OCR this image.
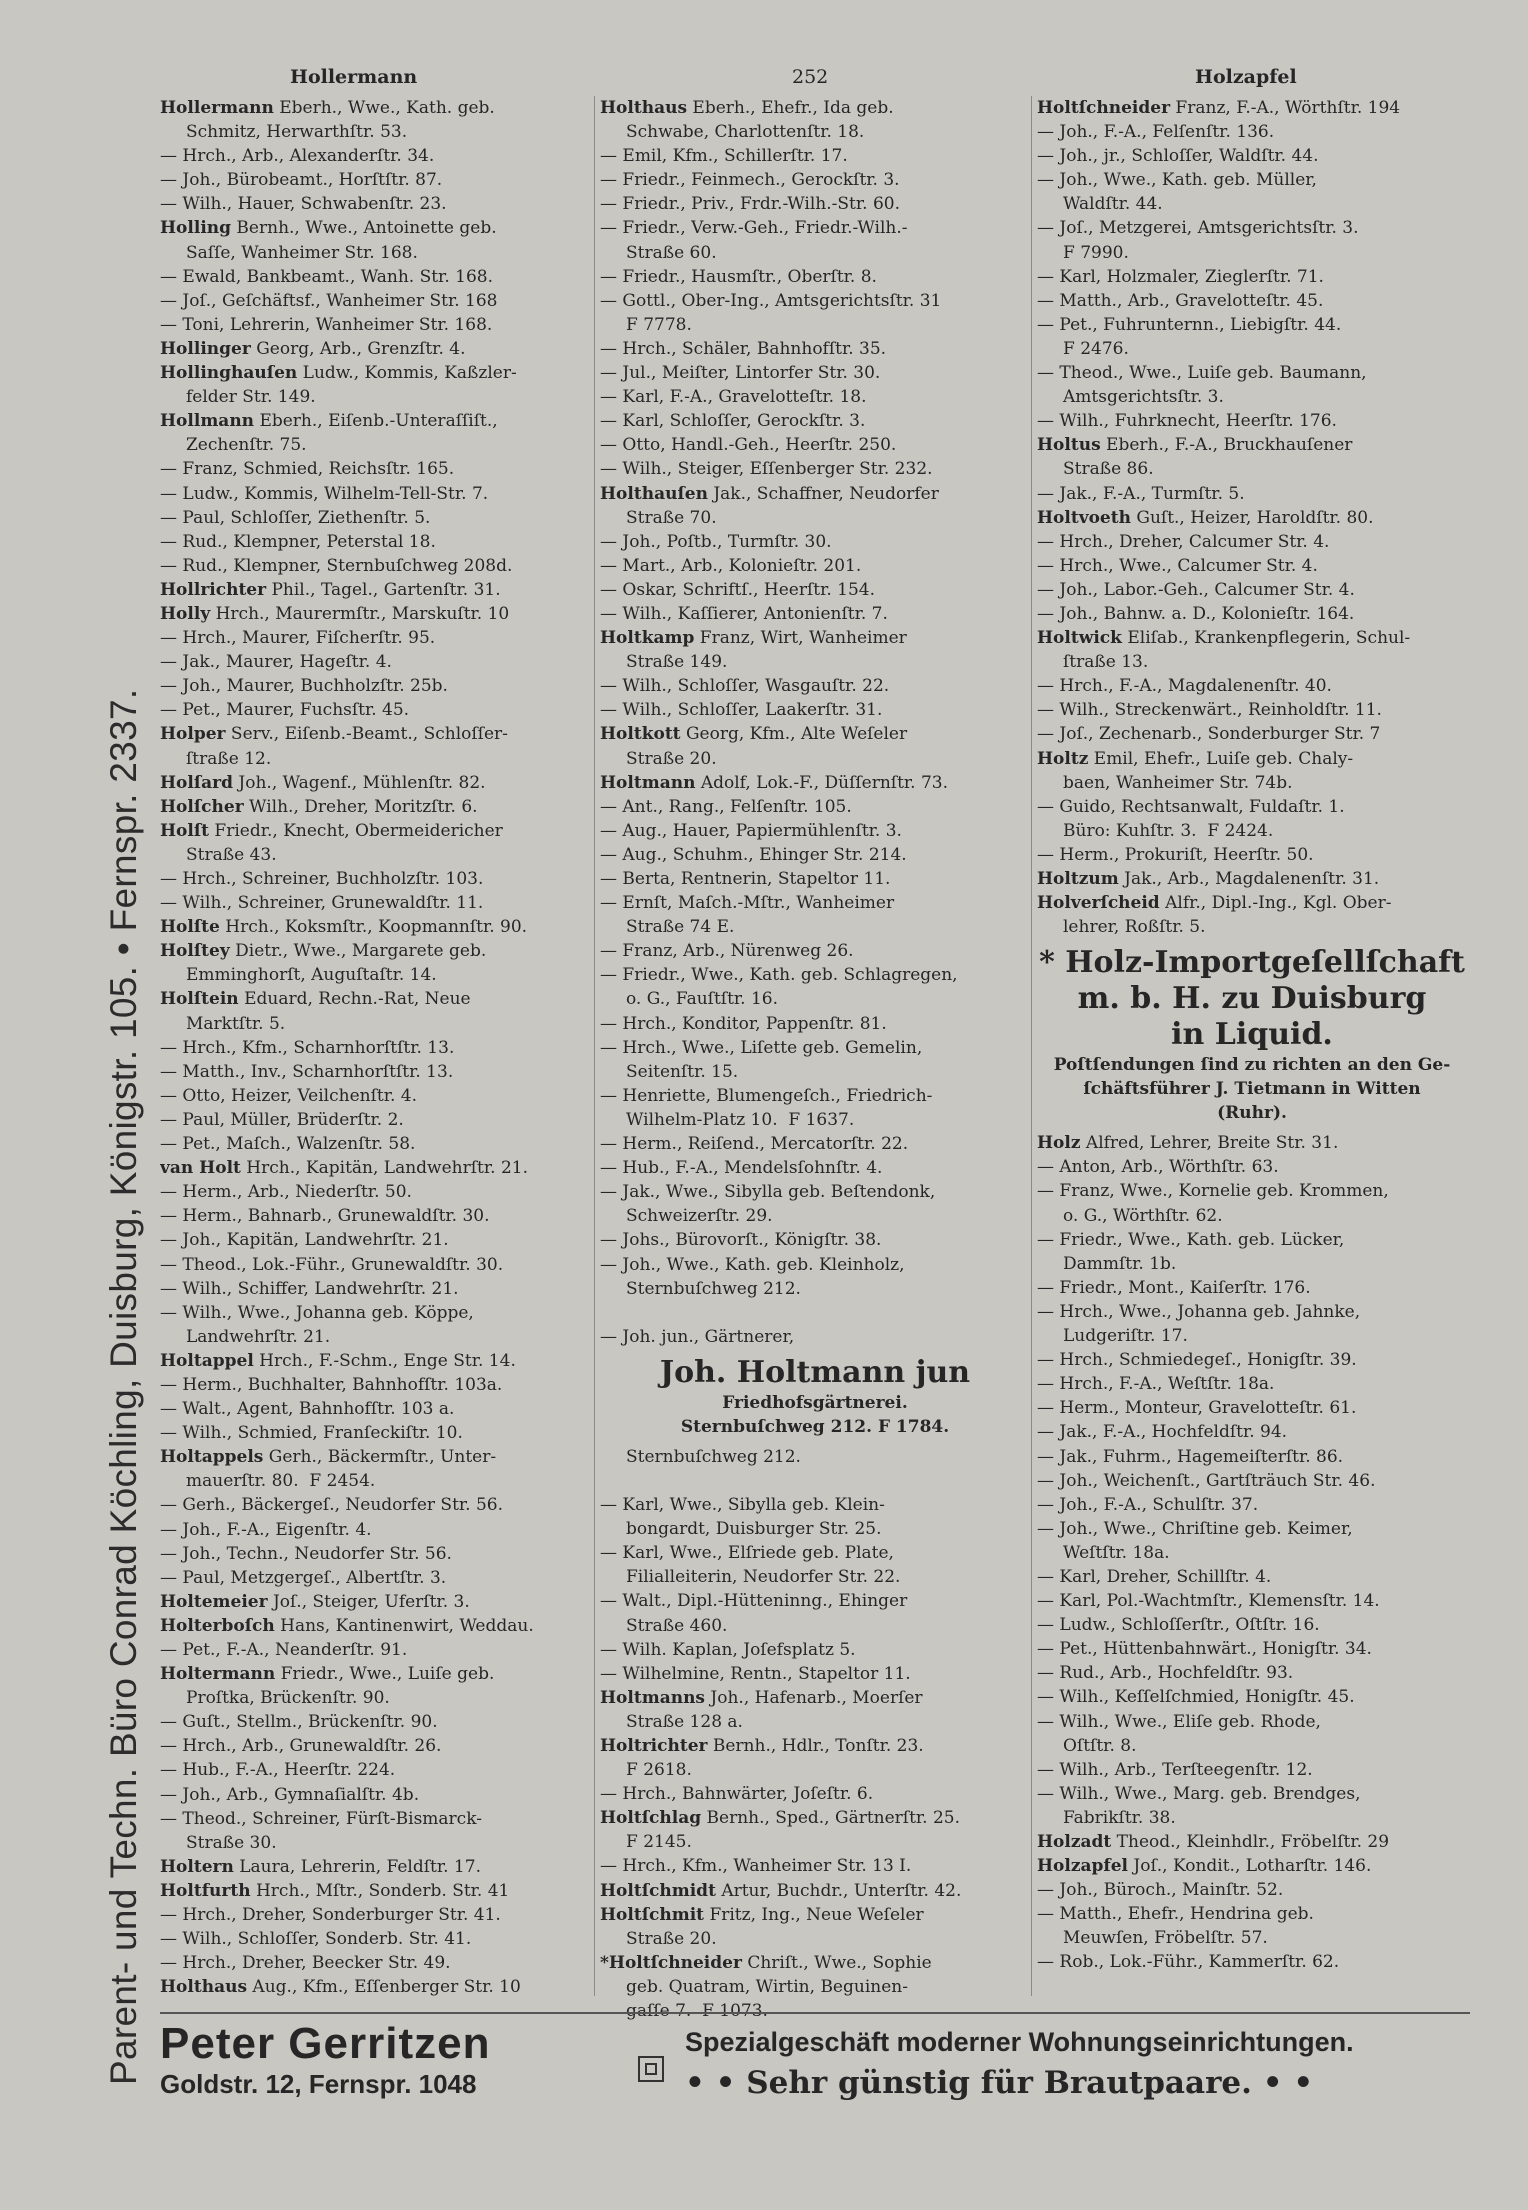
Hollermann	252	Holzapfel
Parent- und Techn. Büro Conrad Köchling, Duisburg, Königstr. 105. • Fernspr. 2337.
Hollermann Eberh., Wwe., Kath. geb.
Schmitz, Herwarthſtr. 53.
— Hrch., Arb., Alexanderſtr. 34.
— Joh., Bürobeamt., Horſtſtr. 87.
— Wilh., Hauer, Schwabenſtr. 23.
Holling Bernh., Wwe., Antoinette geb.
Saſſe, Wanheimer Str. 168.
— Ewald, Bankbeamt., Wanh. Str. 168.
— Joſ., Geſchäftsf., Wanheimer Str. 168
— Toni, Lehrerin, Wanheimer Str. 168.
Hollinger Georg, Arb., Grenzſtr. 4.
Hollinghauſen Ludw., Kommis, Kaßzler-
felder Str. 149.
Hollmann Eberh., Eiſenb.-Unteraſſiſt.,
Zechenſtr. 75.
— Franz, Schmied, Reichsſtr. 165.
— Ludw., Kommis, Wilhelm-Tell-Str. 7.
— Paul, Schloſſer, Ziethenſtr. 5.
— Rud., Klempner, Peterstal 18.
— Rud., Klempner, Sternbuſchweg 208d.
Hollrichter Phil., Tagel., Gartenſtr. 31.
Holly Hrch., Maurermſtr., Marskuſtr. 10
— Hrch., Maurer, Fiſcherſtr. 95.
— Jak., Maurer, Hageſtr. 4.
— Joh., Maurer, Buchholzſtr. 25b.
— Pet., Maurer, Fuchsſtr. 45.
Holper Serv., Eiſenb.-Beamt., Schloſſer-
ſtraße 12.
Holſard Joh., Wagenf., Mühlenſtr. 82.
Holſcher Wilh., Dreher, Moritzſtr. 6.
Holſt Friedr., Knecht, Obermeidericher
Straße 43.
— Hrch., Schreiner, Buchholzſtr. 103.
— Wilh., Schreiner, Grunewaldſtr. 11.
Holſte Hrch., Koksmſtr., Koopmannſtr. 90.
Holſtey Dietr., Wwe., Margarete geb.
Emminghorſt, Auguſtaſtr. 14.
Holſtein Eduard, Rechn.-Rat, Neue
Marktſtr. 5.
— Hrch., Kfm., Scharnhorſtſtr. 13.
— Matth., Inv., Scharnhorſtſtr. 13.
— Otto, Heizer, Veilchenſtr. 4.
— Paul, Müller, Brüderſtr. 2.
— Pet., Maſch., Walzenſtr. 58.
van Holt Hrch., Kapitän, Landwehrſtr. 21.
— Herm., Arb., Niederſtr. 50.
— Herm., Bahnarb., Grunewaldſtr. 30.
— Joh., Kapitän, Landwehrſtr. 21.
— Theod., Lok.-Führ., Grunewaldſtr. 30.
— Wilh., Schiffer, Landwehrſtr. 21.
— Wilh., Wwe., Johanna geb. Köppe,
Landwehrſtr. 21.
Holtappel Hrch., F.-Schm., Enge Str. 14.
— Herm., Buchhalter, Bahnhofſtr. 103a.
— Walt., Agent, Bahnhofſtr. 103 a.
— Wilh., Schmied, Franſeckiſtr. 10.
Holtappels Gerh., Bäckermſtr., Unter-
mauerſtr. 80.  F 2454.
— Gerh., Bäckergeſ., Neudorfer Str. 56.
— Joh., F.-A., Eigenſtr. 4.
— Joh., Techn., Neudorfer Str. 56.
— Paul, Metzgergeſ., Albertſtr. 3.
Holtemeier Joſ., Steiger, Uferſtr. 3.
Holterboſch Hans, Kantinenwirt, Weddau.
— Pet., F.-A., Neanderſtr. 91.
Holtermann Friedr., Wwe., Luiſe geb.
Proſtka, Brückenſtr. 90.
— Guſt., Stellm., Brückenſtr. 90.
— Hrch., Arb., Grunewaldſtr. 26.
— Hub., F.-A., Heerſtr. 224.
— Joh., Arb., Gymnaſialſtr. 4b.
— Theod., Schreiner, Fürſt-Bismarck-
Straße 30.
Holtern Laura, Lehrerin, Feldſtr. 17.
Holtfurth Hrch., Mſtr., Sonderb. Str. 41
— Hrch., Dreher, Sonderburger Str. 41.
— Wilh., Schloſſer, Sonderb. Str. 41.
— Hrch., Dreher, Beecker Str. 49.
Holthaus Aug., Kfm., Eſſenberger Str. 10
Holthaus Eberh., Ehefr., Ida geb.
Schwabe, Charlottenſtr. 18.
— Emil, Kfm., Schillerſtr. 17.
— Friedr., Feinmech., Gerockſtr. 3.
— Friedr., Priv., Frdr.-Wilh.-Str. 60.
— Friedr., Verw.-Geh., Friedr.-Wilh.-
Straße 60.
— Friedr., Hausmſtr., Oberſtr. 8.
— Gottl., Ober-Ing., Amtsgerichtsſtr. 31
F 7778.
— Hrch., Schäler, Bahnhofſtr. 35.
— Jul., Meiſter, Lintorfer Str. 30.
— Karl, F.-A., Gravelotteſtr. 18.
— Karl, Schloſſer, Gerockſtr. 3.
— Otto, Handl.-Geh., Heerſtr. 250.
— Wilh., Steiger, Eſſenberger Str. 232.
Holthauſen Jak., Schaffner, Neudorfer
Straße 70.
— Joh., Poſtb., Turmſtr. 30.
— Mart., Arb., Kolonieſtr. 201.
— Oskar, Schriftſ., Heerſtr. 154.
— Wilh., Kaſſierer, Antonienſtr. 7.
Holtkamp Franz, Wirt, Wanheimer
Straße 149.
— Wilh., Schloſſer, Wasgauſtr. 22.
— Wilh., Schloſſer, Laakerſtr. 31.
Holtkott Georg, Kfm., Alte Weſeler
Straße 20.
Holtmann Adolf, Lok.-F., Düſſernſtr. 73.
— Ant., Rang., Felſenſtr. 105.
— Aug., Hauer, Papiermühlenſtr. 3.
— Aug., Schuhm., Ehinger Str. 214.
— Berta, Rentnerin, Stapeltor 11.
— Ernſt, Maſch.-Mſtr., Wanheimer
Straße 74 E.
— Franz, Arb., Nürenweg 26.
— Friedr., Wwe., Kath. geb. Schlagregen,
o. G., Fauſtſtr. 16.
— Hrch., Konditor, Pappenſtr. 81.
— Hrch., Wwe., Liſette geb. Gemelin,
Seitenſtr. 15.
— Henriette, Blumengeſch., Friedrich-
Wilhelm-Platz 10.  F 1637.
— Herm., Reiſend., Mercatorſtr. 22.
— Hub., F.-A., Mendelsſohnſtr. 4.
— Jak., Wwe., Sibylla geb. Beſtendonk,
Schweizerſtr. 29.
— Johs., Bürovorſt., Königſtr. 38.
— Joh., Wwe., Kath. geb. Kleinholz,
Sternbuſchweg 212.

— Joh. jun., Gärtnerer,
Joh. Holtmann jun
Friedhofsgärtnerei.
Sternbuſchweg 212. F 1784.
Sternbuſchweg 212.

— Karl, Wwe., Sibylla geb. Klein-
bongardt, Duisburger Str. 25.
— Karl, Wwe., Elſriede geb. Plate,
Filialleiterin, Neudorfer Str. 22.
— Walt., Dipl.-Hütteninng., Ehinger
Straße 460.
— Wilh. Kaplan, Joſefsplatz 5.
— Wilhelmine, Rentn., Stapeltor 11.
Holtmanns Joh., Hafenarb., Moerſer
Straße 128 a.
Holtrichter Bernh., Hdlr., Tonſtr. 23.
F 2618.
— Hrch., Bahnwärter, Joſeſtr. 6.
Holtſchlag Bernh., Sped., Gärtnerſtr. 25.
F 2145.
— Hrch., Kfm., Wanheimer Str. 13 I.
Holtſchmidt Artur, Buchdr., Unterſtr. 42.
Holtſchmit Fritz, Ing., Neue Weſeler
Straße 20.
*Holtſchneider Chriſt., Wwe., Sophie
geb. Quatram, Wirtin, Beguinen-
gaſſe 7.  F 1073.
Holtſchneider Franz, F.-A., Wörthſtr. 194
— Joh., F.-A., Felſenſtr. 136.
— Joh., jr., Schloſſer, Waldſtr. 44.
— Joh., Wwe., Kath. geb. Müller,
Waldſtr. 44.
— Joſ., Metzgerei, Amtsgerichtsſtr. 3.
F 7990.
— Karl, Holzmaler, Zieglerſtr. 71.
— Matth., Arb., Gravelotteſtr. 45.
— Pet., Fuhrunternn., Liebigſtr. 44.
F 2476.
— Theod., Wwe., Luiſe geb. Baumann,
Amtsgerichtsſtr. 3.
— Wilh., Fuhrknecht, Heerſtr. 176.
Holtus Eberh., F.-A., Bruckhauſener
Straße 86.
— Jak., F.-A., Turmſtr. 5.
Holtvoeth Guſt., Heizer, Haroldſtr. 80.
— Hrch., Dreher, Calcumer Str. 4.
— Hrch., Wwe., Calcumer Str. 4.
— Joh., Labor.-Geh., Calcumer Str. 4.
— Joh., Bahnw. a. D., Kolonieſtr. 164.
Holtwick Eliſab., Krankenpflegerin, Schul-
ſtraße 13.
— Hrch., F.-A., Magdalenenſtr. 40.
— Wilh., Streckenwärt., Reinholdſtr. 11.
— Joſ., Zechenarb., Sonderburger Str. 7
Holtz Emil, Ehefr., Luiſe geb. Chaly-
baen, Wanheimer Str. 74b.
— Guido, Rechtsanwalt, Fuldaſtr. 1.
Büro: Kuhſtr. 3.  F 2424.
— Herm., Prokuriſt, Heerſtr. 50.
Holtzum Jak., Arb., Magdalenenſtr. 31.
Holverſcheid Alfr., Dipl.-Ing., Kgl. Ober-
lehrer, Roßſtr. 5.
* Holz-Importgeſellſchaft
m. b. H. zu Duisburg
in Liquid.
Poſtſendungen ſind zu richten an den Ge-
ſchäftsführer J. Tietmann in Witten
(Ruhr).
Holz Alfred, Lehrer, Breite Str. 31.
— Anton, Arb., Wörthſtr. 63.
— Franz, Wwe., Kornelie geb. Krommen,
o. G., Wörthſtr. 62.
— Friedr., Wwe., Kath. geb. Lücker,
Dammſtr. 1b.
— Friedr., Mont., Kaiſerſtr. 176.
— Hrch., Wwe., Johanna geb. Jahnke,
Ludgeriſtr. 17.
— Hrch., Schmiedegeſ., Honigſtr. 39.
— Hrch., F.-A., Weſtſtr. 18a.
— Herm., Monteur, Gravelotteſtr. 61.
— Jak., F.-A., Hochfeldſtr. 94.
— Jak., Fuhrm., Hagemeiſterſtr. 86.
— Joh., Weichenſt., Gartſträuch Str. 46.
— Joh., F.-A., Schulſtr. 37.
— Joh., Wwe., Chriſtine geb. Keimer,
Weſtſtr. 18a.
— Karl, Dreher, Schillſtr. 4.
— Karl, Pol.-Wachtmſtr., Klemensſtr. 14.
— Ludw., Schloſſerſtr., Oſtſtr. 16.
— Pet., Hüttenbahnwärt., Honigſtr. 34.
— Rud., Arb., Hochfeldſtr. 93.
— Wilh., Keſſelſchmied, Honigſtr. 45.
— Wilh., Wwe., Eliſe geb. Rhode,
Oſtſtr. 8.
— Wilh., Arb., Terſteegenſtr. 12.
— Wilh., Wwe., Marg. geb. Brendges,
Fabrikſtr. 38.
Holzadt Theod., Kleinhdlr., Fröbelſtr. 29
Holzapfel Joſ., Kondit., Lotharſtr. 146.
— Joh., Büroch., Mainſtr. 52.
— Matth., Ehefr., Hendrina geb.
Meuwſen, Fröbelſtr. 57.
— Rob., Lok.-Führ., Kammerſtr. 62.
Peter Gerritzen
Goldstr. 12, Fernspr. 1048
Spezialgeschäft moderner Wohnungseinrichtungen.
• • Sehr günstig für Brautpaare. • •
